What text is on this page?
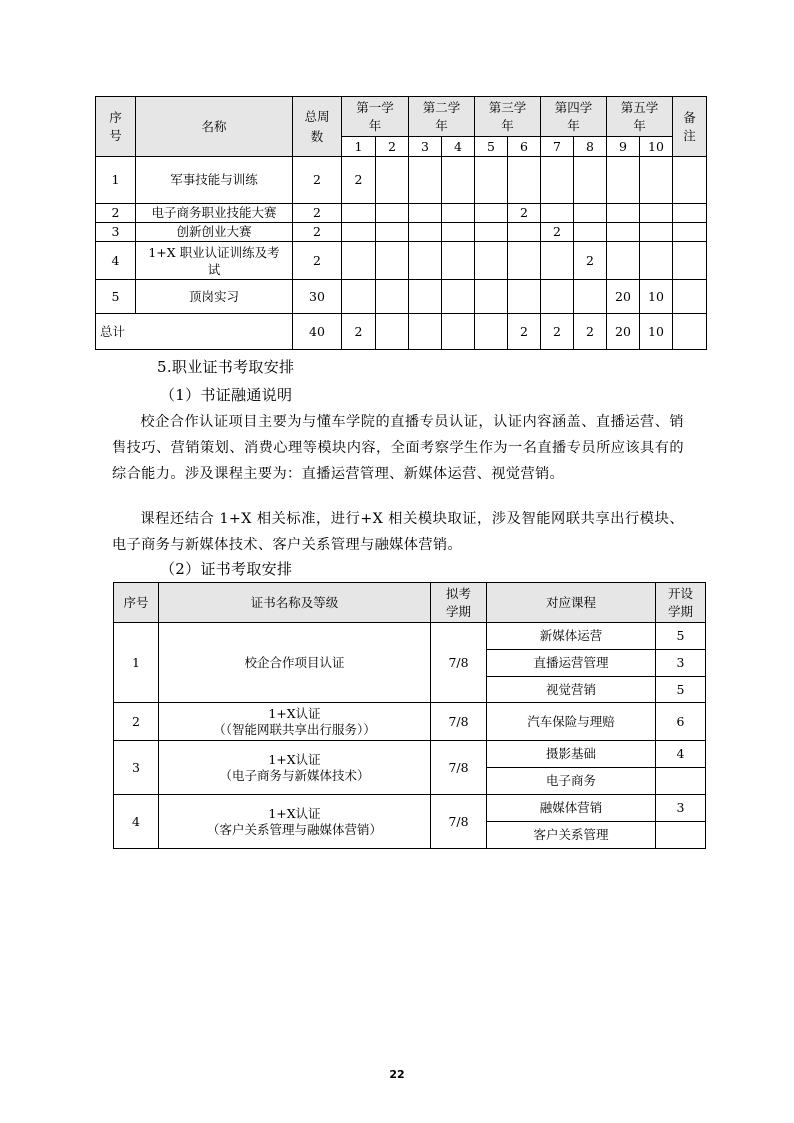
序号	名称	总周数	第一学年		第二学年		第三学年		第四学年		第五学年		备注
			1	2	3	4	5	6	7	8	9	10	
1	军事技能与训练	2	2										
2	电子商务职业技能大赛	2						2					
3	创新创业大赛	2							2				
4	1+X 职业认证训练及考试	2								2			
5	顶岗实习	30									20	10	
总计		40	2					2	2	2	20	10	
5.职业证书考取安排
（1）书证融通说明
校企合作认证项目主要为与懂车学院的直播专员认证，认证内容涵盖、直播运营、销售技巧、营销策划、消费心理等模块内容，全面考察学生作为一名直播专员所应该具有的综合能力。涉及课程主要为：直播运营管理、新媒体运营、视觉营销。
课程还结合 1+X 相关标准，进行+X 相关模块取证，涉及智能网联共享出行模块、电子商务与新媒体技术、客户关系管理与融媒体营销。
（2）证书考取安排
序号	证书名称及等级	拟考学期	对应课程	开设学期
1	校企合作项目认证	7/8	新媒体运营	5
			直播运营管理	3
			视觉营销	5
2	1+X认证
（（智能网联共享出行服务））	7/8	汽车保险与理赔	6
3	1+X认证
（电子商务与新媒体技术）	7/8	摄影基础	4
			电子商务	
4	1+X认证
（客户关系管理与融媒体营销）	7/8	融媒体营销	3
			客户关系管理	
22
